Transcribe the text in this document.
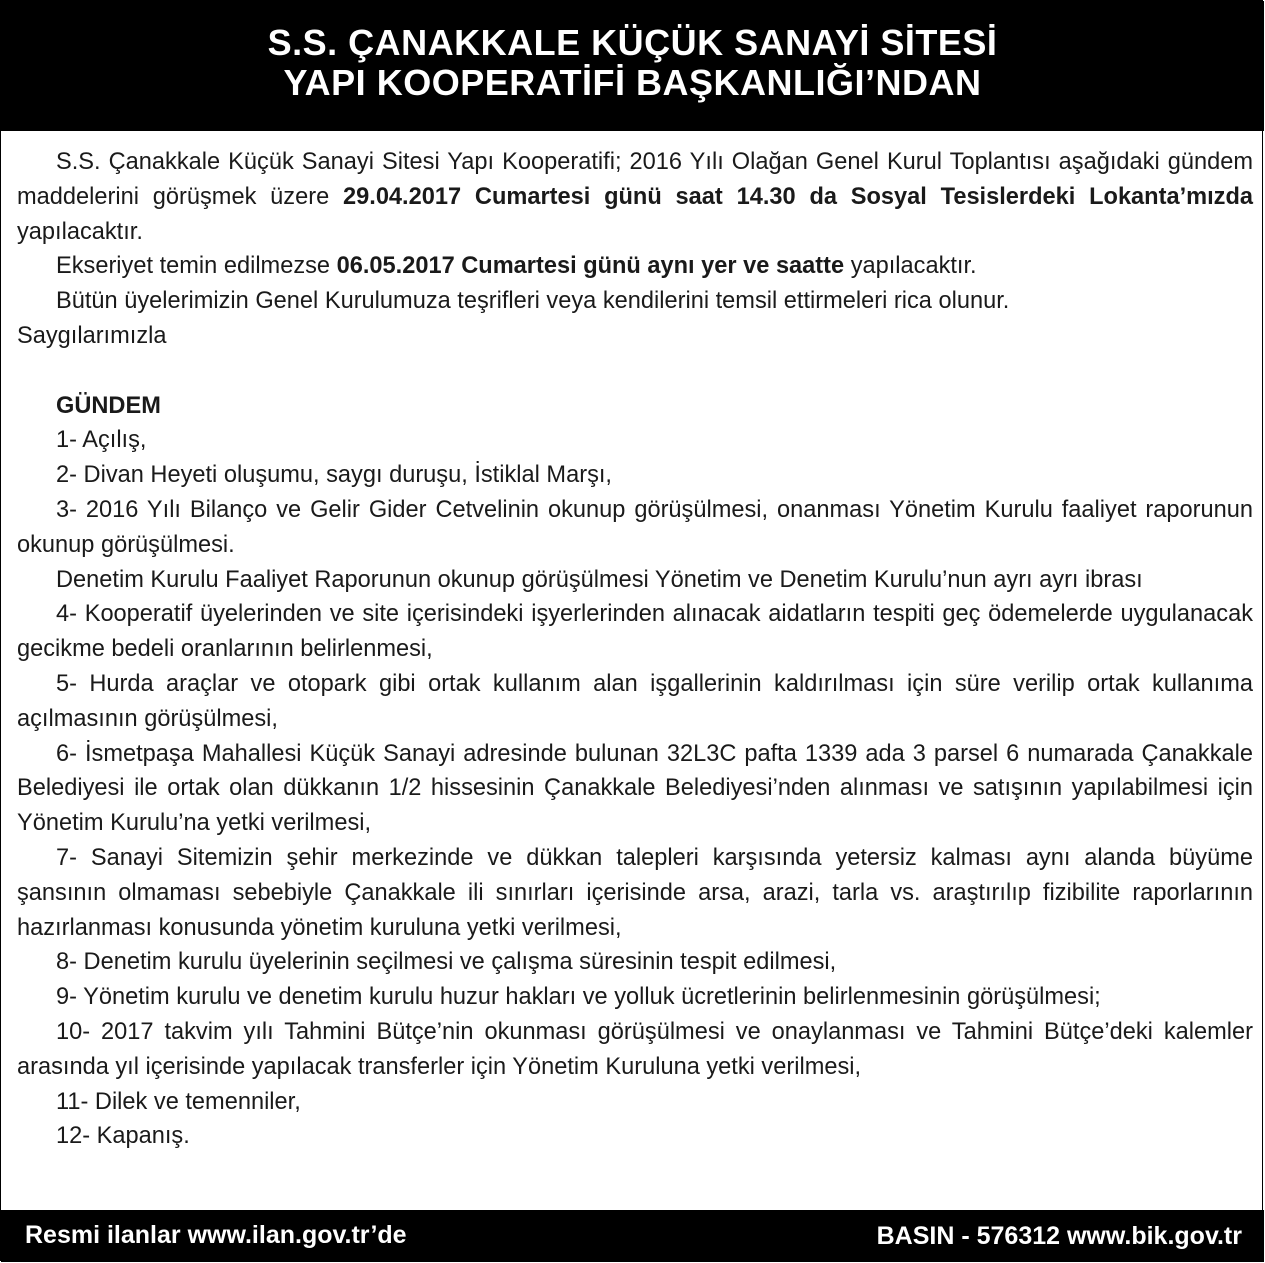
S.S. ÇANAKKALE KÜÇÜK SANAYİ SİTESİ
YAPI KOOPERATİFİ BAŞKANLIĞI’NDAN

S.S. Çanakkale Küçük Sanayi Sitesi Yapı Kooperatifi; 2016 Yılı Olağan Genel Kurul Toplantısı aşağıdaki gündem maddelerini görüşmek üzere 29.04.2017 Cumartesi günü saat 14.30 da Sosyal Tesislerdeki Lokanta’mızda yapılacaktır.

Ekseriyet temin edilmezse 06.05.2017 Cumartesi günü aynı yer ve saatte yapılacaktır.

Bütün üyelerimizin Genel Kurulumuza teşrifleri veya kendilerini temsil ettirmeleri rica olunur.

Saygılarımızla

GÜNDEM

1- Açılış,

2- Divan Heyeti oluşumu, saygı duruşu, İstiklal Marşı,

3- 2016 Yılı Bilanço ve Gelir Gider Cetvelinin okunup görüşülmesi, onanması Yönetim Kurulu faaliyet raporunun okunup görüşülmesi.

Denetim Kurulu Faaliyet Raporunun okunup görüşülmesi Yönetim ve Denetim Kurulu’nun ayrı ayrı ibrası

4- Kooperatif üyelerinden ve site içerisindeki işyerlerinden alınacak aidatların tespiti geç ödemelerde uygulanacak gecikme bedeli oranlarının belirlenmesi,

5- Hurda araçlar ve otopark gibi ortak kullanım alan işgallerinin kaldırılması için süre verilip ortak kullanıma açılmasının görüşülmesi,

6- İsmetpaşa Mahallesi Küçük Sanayi adresinde bulunan 32L3C pafta 1339 ada 3 parsel 6 numarada Çanakkale Belediyesi ile ortak olan dükkanın 1/2 hissesinin Çanakkale Belediyesi’nden alınması ve satışının yapılabilmesi için Yönetim Kurulu’na yetki verilmesi,

7- Sanayi Sitemizin şehir merkezinde ve dükkan talepleri karşısında yetersiz kalması aynı alanda büyüme şansının olmaması sebebiyle Çanakkale ili sınırları içerisinde arsa, arazi, tarla vs. araştırılıp fizibilite raporlarının hazırlanması konusunda yönetim kuruluna yetki verilmesi,

8- Denetim kurulu üyelerinin seçilmesi ve çalışma süresinin tespit edilmesi,

9- Yönetim kurulu ve denetim kurulu huzur hakları ve yolluk ücretlerinin belirlenmesinin görüşülmesi;

10- 2017 takvim yılı Tahmini Bütçe’nin okunması görüşülmesi ve onaylanması ve Tahmini Bütçe’deki kalemler arasında yıl içerisinde yapılacak transferler için Yönetim Kuruluna yetki verilmesi,

11- Dilek ve temenniler,

12- Kapanış.

Resmi ilanlar www.ilan.gov.tr’de	BASIN - 576312 www.bik.gov.tr
